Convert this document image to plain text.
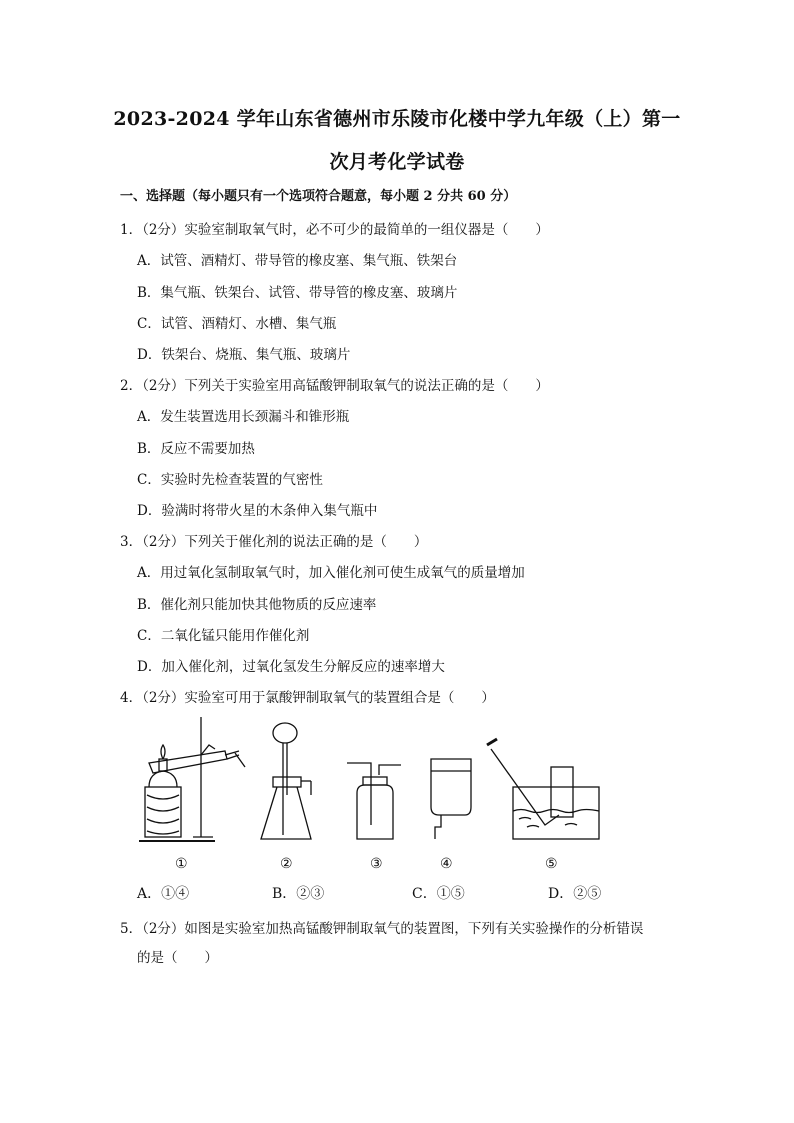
2023-2024 学年山东省德州市乐陵市化楼中学九年级（上）第一
次月考化学试卷
一、选择题（每小题只有一个选项符合题意，每小题 2 分共 60 分）
1．（2分）实验室制取氧气时，必不可少的最简单的一组仪器是（　　）
A．试管、酒精灯、带导管的橡皮塞、集气瓶、铁架台
B．集气瓶、铁架台、试管、带导管的橡皮塞、玻璃片
C．试管、酒精灯、水槽、集气瓶
D．铁架台、烧瓶、集气瓶、玻璃片
2．（2分）下列关于实验室用高锰酸钾制取氧气的说法正确的是（　　）
A．发生装置选用长颈漏斗和锥形瓶
B．反应不需要加热
C．实验时先检查装置的气密性
D．验满时将带火星的木条伸入集气瓶中
3．（2分）下列关于催化剂的说法正确的是（　　）
A．用过氧化氢制取氧气时，加入催化剂可使生成氧气的质量增加
B．催化剂只能加快其他物质的反应速率
C．二氧化锰只能用作催化剂
D．加入催化剂，过氧化氢发生分解反应的速率增大
4．（2分）实验室可用于氯酸钾制取氧气的装置组合是（　　）
①	②	③	④	⑤
A．①④	B．②③	C．①⑤	D．②⑤
5．（2分）如图是实验室加热高锰酸钾制取氧气的装置图，下列有关实验操作的分析错误
的是（　　）
